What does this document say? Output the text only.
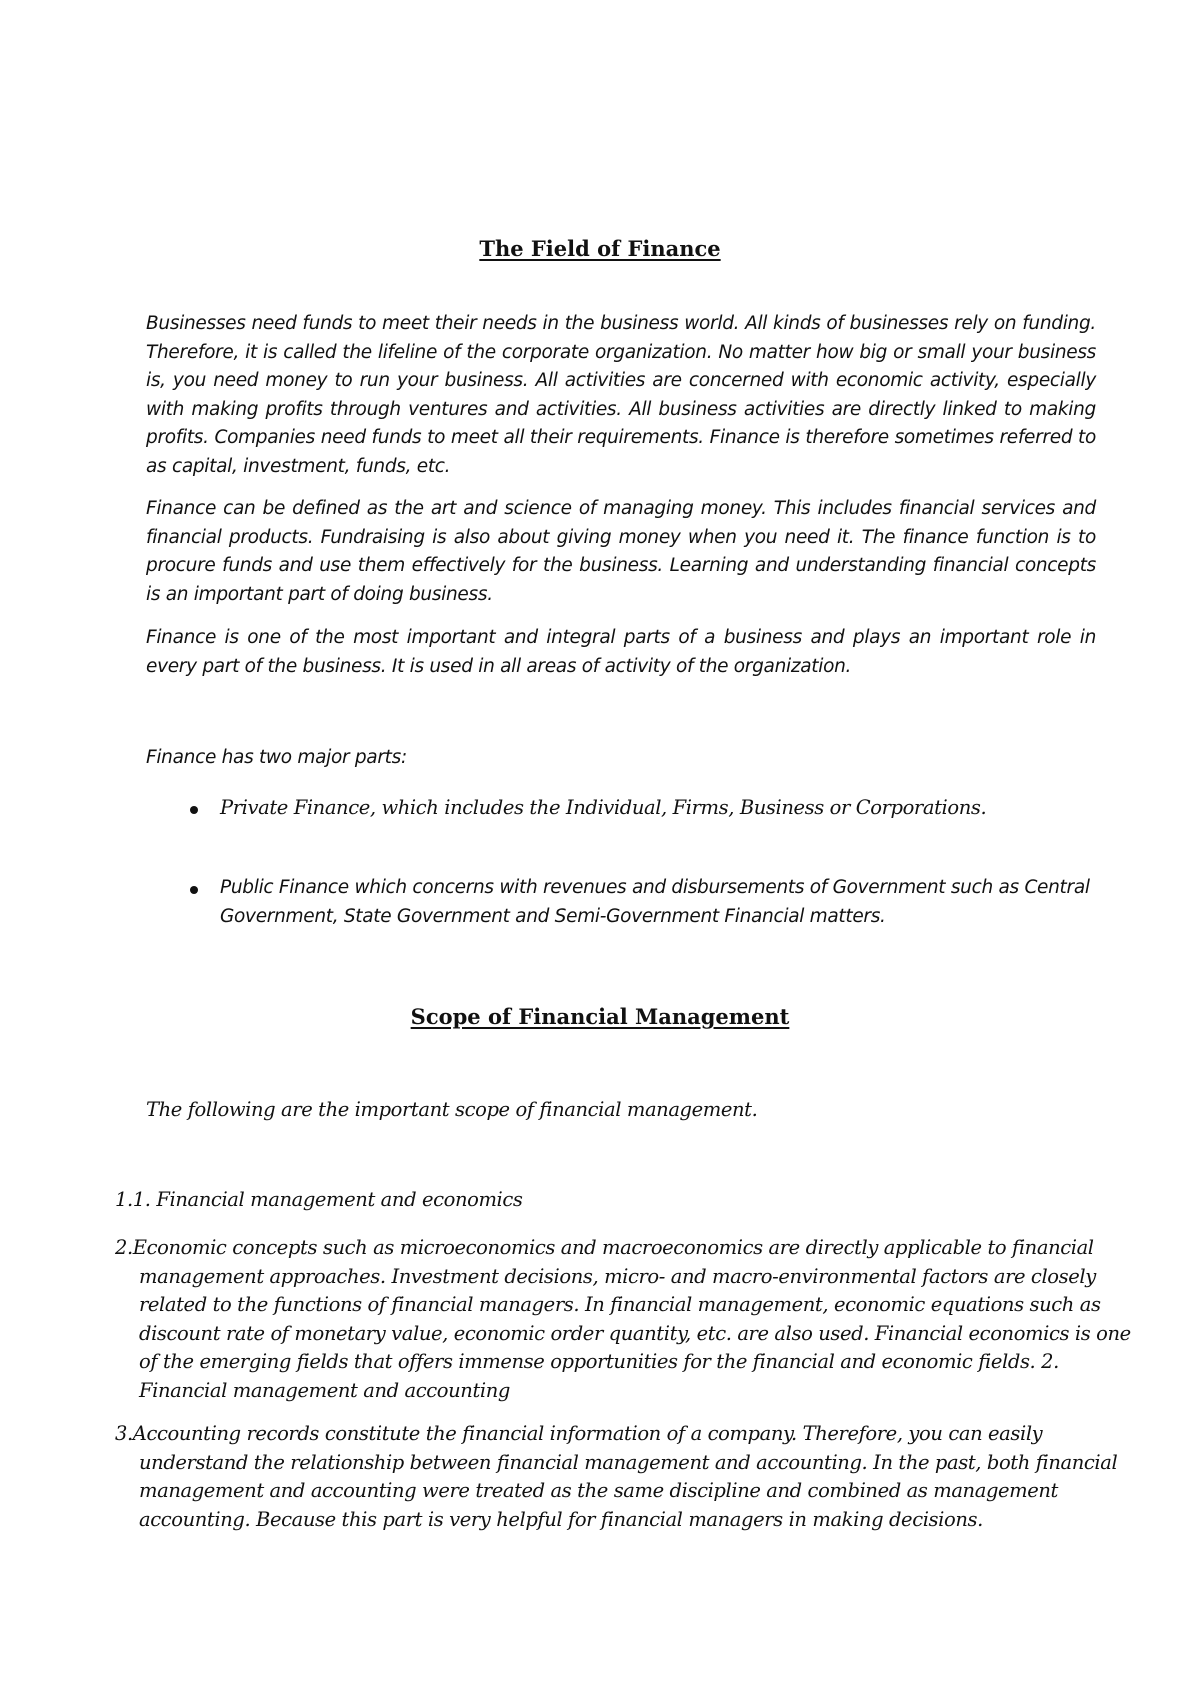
The Field of Finance

Businesses need funds to meet their needs in the business world. All kinds of businesses rely on funding. Therefore, it is called the lifeline of the corporate organization. No matter how big or small your business is, you need money to run your business. All activities are concerned with economic activity, especially with making profits through ventures and activities. All business activities are directly linked to making profits. Companies need funds to meet all their requirements. Finance is therefore sometimes referred to as capital, investment, funds, etc.

Finance can be defined as the art and science of managing money. This includes financial services and financial products. Fundraising is also about giving money when you need it. The finance function is to procure funds and use them effectively for the business. Learning and understanding financial concepts is an important part of doing business.

Finance is one of the most important and integral parts of a business and plays an important role in every part of the business. It is used in all areas of activity of the organization.

Finance has two major parts:

Private Finance, which includes the Individual, Firms, Business or Corporations.
Public Finance which concerns with revenues and disbursements of Government such as Central Government, State Government and Semi-Government Financial matters.
Scope of Financial Management

The following are the important scope of financial management.

1.1. Financial management and economics

2.Economic concepts such as microeconomics and macroeconomics are directly applicable to financial management approaches. Investment decisions, micro- and macro-environmental factors are closely related to the functions of financial managers. In financial management, economic equations such as discount rate of monetary value, economic order quantity, etc. are also used. Financial economics is one of the emerging fields that offers immense opportunities for the financial and economic fields. 2. Financial management and accounting

3.Accounting records constitute the financial information of a company. Therefore, you can easily understand the relationship between financial management and accounting. In the past, both financial management and accounting were treated as the same discipline and combined as management accounting. Because this part is very helpful for financial managers in making decisions.
